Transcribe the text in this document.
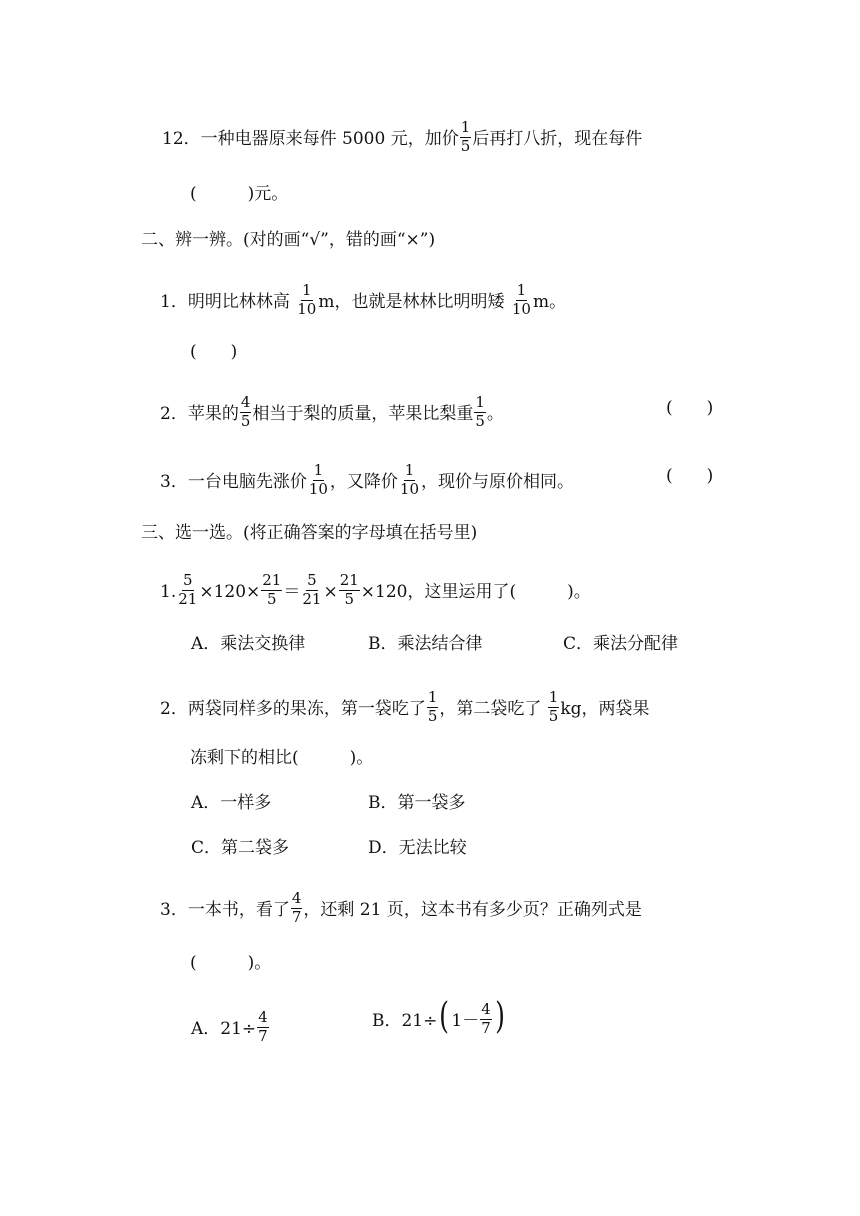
12．一种电器原来每件 5000 元，加价 $\frac{1}{5}$ 后再打八折，现在每件
(　　　)元。
二、辨一辨。(对的画“√”，错的画“×”)
1．明明比林林高 $\frac{1}{10}$ m，也就是林林比明明矮 $\frac{1}{10}$ m。
(　　)
2．苹果的 $\frac{4}{5}$ 相当于梨的质量，苹果比梨重 $\frac{1}{5}$ 。	(　　)
3．一台电脑先涨价 $\frac{1}{10}$ ，又降价 $\frac{1}{10}$ ，现价与原价相同。	(　　)
三、选一选。(将正确答案的字母填在括号里)
1. $\frac{5}{21} \times 120\times \frac{21}{5} = \frac{5}{21} \times \frac{21}{5} \times 120$，这里运用了(　　　)。
A．乘法交换律	B．乘法结合律	C．乘法分配律
2．两袋同样多的果冻，第一袋吃了 $\frac{1}{5}$ ，第二袋吃了 $\frac{1}{5}$ kg，两袋果
冻剩下的相比(　　　)。
A．一样多	B．第一袋多
C．第二袋多	D．无法比较
3．一本书，看了 $\frac{4}{7}$ ，还剩 21 页，这本书有多少页？正确列式是
(　　　)。
A．$21\div \frac{4}{7}$	B．21÷( $1- \frac{4}{7}$ )
